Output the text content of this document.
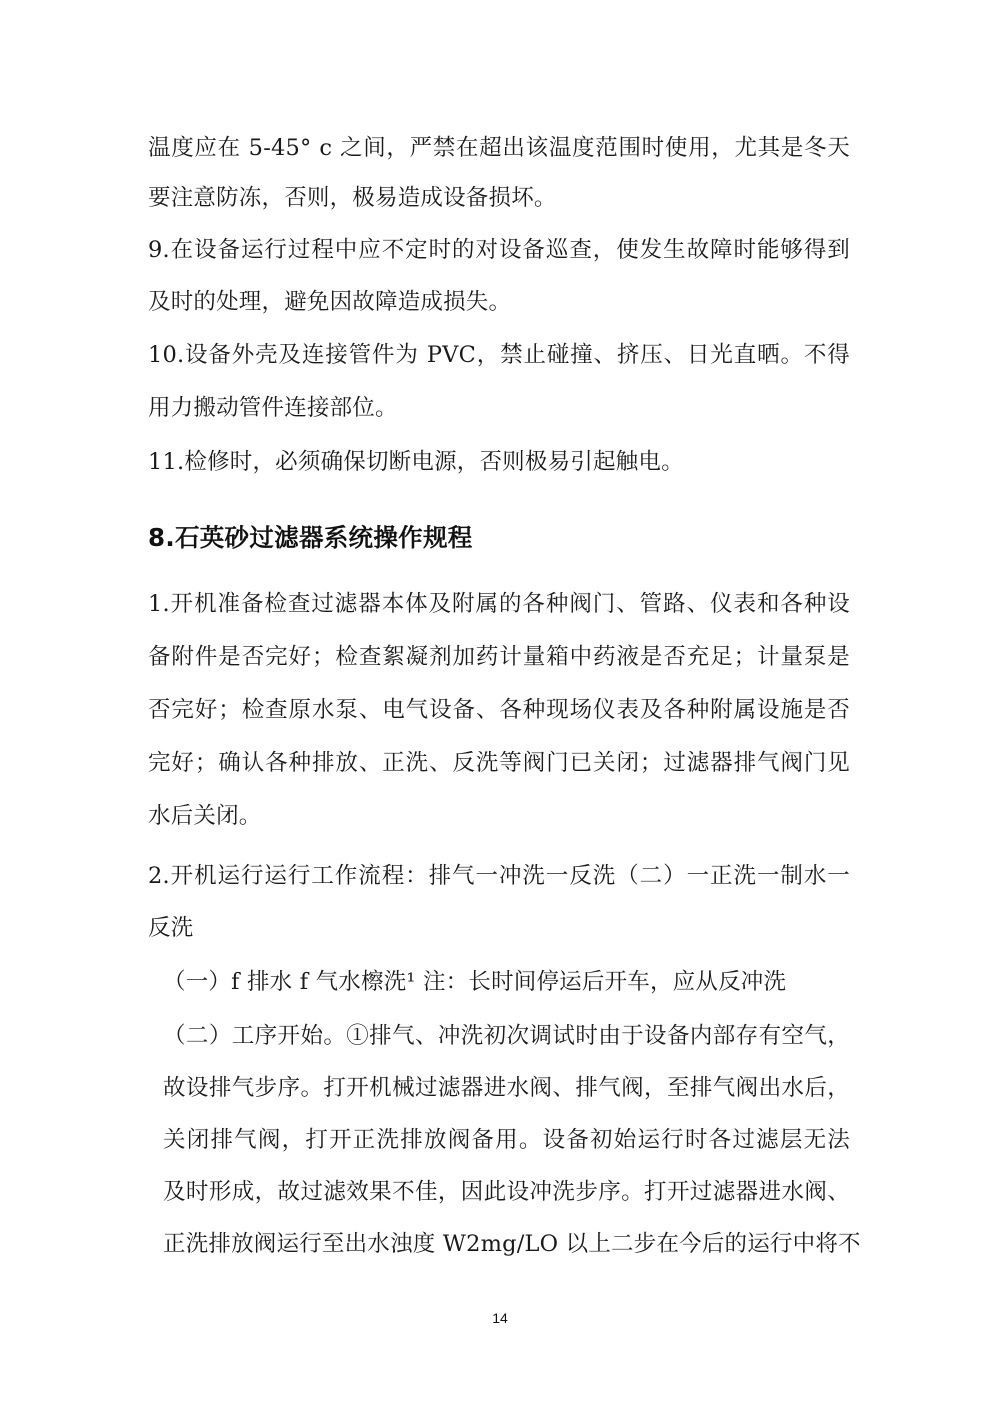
温度应在 5-45° c 之间，严禁在超出该温度范围时使用，尤其是冬天
要注意防冻，否则，极易造成设备损坏。
9.在设备运行过程中应不定时的对设备巡查，使发生故障时能够得到
及时的处理，避免因故障造成损失。
10.设备外壳及连接管件为 PVC，禁止碰撞、挤压、日光直晒。不得
用力搬动管件连接部位。
11.检修时，必须确保切断电源，否则极易引起触电。
8.石英砂过滤器系统操作规程
1.开机准备检查过滤器本体及附属的各种阀门、管路、仪表和各种设
备附件是否完好；检查絮凝剂加药计量箱中药液是否充足；计量泵是
否完好；检查原水泵、电气设备、各种现场仪表及各种附属设施是否
完好；确认各种排放、正洗、反洗等阀门已关闭；过滤器排气阀门见
水后关闭。
2.开机运行运行工作流程：排气一冲洗一反洗（二）一正洗一制水一
反洗
（一）f 排水 f 气水檫洗¹ 注：长时间停运后开车，应从反冲洗
（二）工序开始。①排气、冲洗初次调试时由于设备内部存有空气，
故设排气步序。打开机械过滤器进水阀、排气阀，至排气阀出水后，
关闭排气阀，打开正洗排放阀备用。设备初始运行时各过滤层无法
及时形成，故过滤效果不佳，因此设冲洗步序。打开过滤器进水阀、
正洗排放阀运行至出水浊度 W2mg/LO 以上二步在今后的运行中将不
14
